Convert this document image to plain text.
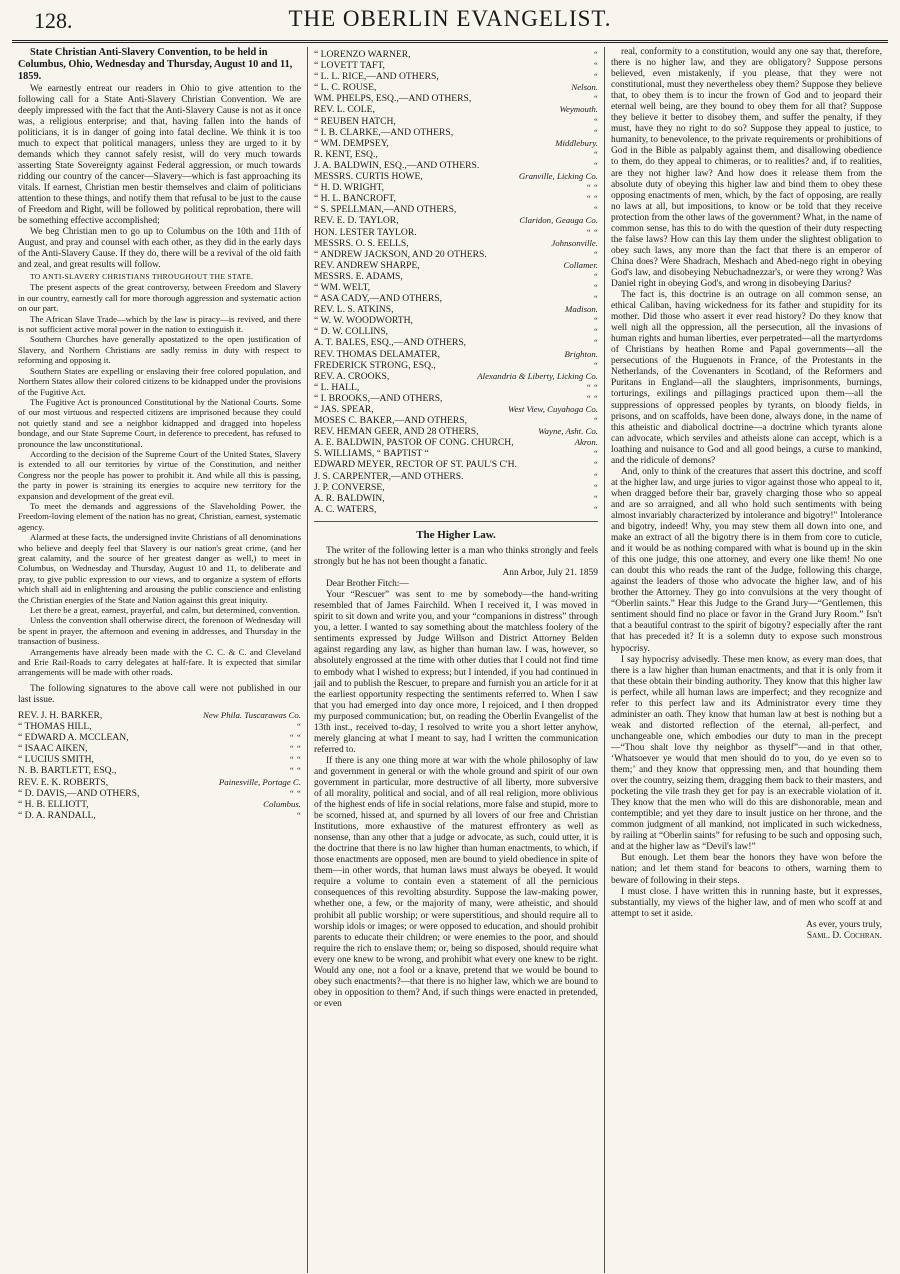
128.	THE OBERLIN EVANGELIST.

State Christian Anti-Slavery Convention, to be held in Columbus, Ohio, Wednesday and Thursday, August 10 and 11, 1859.

We earnestly entreat our readers in Ohio to give attention to the following call for a State Anti-Slavery Christian Convention. We are deeply impressed with the fact that the Anti-Slavery Cause is not as it once was, a religious enterprise; and that, having fallen into the hands of politicians, it is in danger of going into fatal decline. We think it is too much to expect that political managers, unless they are urged to it by demands which they cannot safely resist, will do very much towards asserting State Sovereignty against Federal aggression, or much towards ridding our country of the cancer—Slavery—which is fast approaching its vitals. If earnest, Christian men bestir themselves and claim of politicians attention to these things, and notify them that refusal to be just to the cause of Freedom and Right, will be followed by political reprobation, there will be something effective accomplished;

We beg Christian men to go up to Columbus on the 10th and 11th of August, and pray and counsel with each other, as they did in the early days of the Anti-Slavery Cause. If they do, there will be a revival of the old faith and zeal, and great results will follow.

TO ANTI-SLAVERY CHRISTIANS THROUGHOUT THE STATE.

The present aspects of the great controversy, between Freedom and Slavery in our country, earnestly call for more thorough aggression and systematic action on our part.

The African Slave Trade—which by the law is piracy—is revived, and there is not sufficient active moral power in the nation to extinguish it.

Southern Churches have generally apostatized to the open justification of Slavery, and Northern Christians are sadly remiss in duty with respect to reforming and opposing it.

Southern States are expelling or enslaving their free colored population, and Northern States allow their colored citizens to be kidnapped under the provisions of the Fugitive Act.

The Fugitive Act is pronounced Constitutional by the National Courts. Some of our most virtuous and respected citizens are imprisoned because they could not quietly stand and see a neighbor kidnapped and dragged into hopeless bondage, and our State Supreme Court, in deference to precedent, has refused to pronounce the law unconstitutional.

According to the decision of the Supreme Court of the United States, Slavery is extended to all our territories by virtue of the Constitution, and neither Congress nor the people has power to prohibit it. And while all this is passing, the party in power is straining its energies to acquire new territory for the expansion and development of the great evil.

To meet the demands and aggressions of the Slaveholding Power, the Freedom-loving element of the nation has no great, Christian, earnest, systematic agency.

Alarmed at these facts, the undersigned invite Christians of all denominations who believe and deeply feel that Slavery is our nation's great crime, (and her great calamity, and the source of her greatest danger as well,) to meet in Columbus, on Wednesday and Thursday, August 10 and 11, to deliberate and pray, to give public expression to our views, and to organize a system of efforts which shall aid in enlightening and arousing the public conscience and enlisting the Christian energies of the State and Nation against this great iniquity.

Let there be a great, earnest, prayerful, and calm, but determined, convention.

Unless the convention shall otherwise direct, the forenoon of Wednesday will be spent in prayer, the afternoon and evening in addresses, and Thursday in the transaction of business.

Arrangements have already been made with the C. C. & C. and Cleveland and Erie Rail-Roads to carry delegates at half-fare. It is expected that similar arrangements will be made with other roads.

The following signatures to the above call were not published in our last issue.

REV. J. H. BARKER,	New Phila. Tuscarawas Co.
“ THOMAS HILL,	“
“ EDWARD A. MCCLEAN,	“ “
“ ISAAC AIKEN,	“ “
“ LUCIUS SMITH,	“ “
N. B. BARTLETT, ESQ.,	“ “
REV. E. K. ROBERTS,	Painesville, Portage C.
“ D. DAVIS,—AND OTHERS,	“ “
“ H. B. ELLIOTT,	Columbus.
“ D. A. RANDALL,	“
“ LORENZO WARNER,	“
“ LOVETT TAFT,	“
“ L. L. RICE,—AND OTHERS,	“
“ L. C. ROUSE,	Nelson.
WM. PHELPS, ESQ.,—AND OTHERS,	“
REV. L. COLE,	Weymouth.
“ REUBEN HATCH,	“
“ I. B. CLARKE,—AND OTHERS,	“
“ WM. DEMPSEY,	Middlebury.
R. KENT, ESQ.,	“
J. A. BALDWIN, ESQ.,—AND OTHERS.	“
MESSRS. CURTIS HOWE,	Granville, Licking Co.
“ H. D. WRIGHT,	“ “
“ H. L. BANCROFT,	“ “
“ S. SPELLMAN,—AND OTHERS,	“
REV. E. D. TAYLOR,	Claridon, Geauga Co.
HON. LESTER TAYLOR.	“ “
MESSRS. O. S. EELLS,	Johnsonville.
“ ANDREW JACKSON, AND 20 OTHERS.	“
REV. ANDREW SHARPE,	Collamer.
MESSRS. E. ADAMS,	“
“ WM. WELT,	“
“ ASA CADY,—AND OTHERS,	“
REV. L. S. ATKINS,	Madison.
“ W. W. WOODWORTH,	“
“ D. W. COLLINS,	“
A. T. BALES, ESQ.,—AND OTHERS,	“
REV. THOMAS DELAMATER,	Brighton.
FREDERICK STRONG, ESQ.,	“
REV. A. CROOKS,	Alexandria & Liberty, Licking Co.
“ L. HALL,	“ “
“ I. BROOKS,—AND OTHERS,	“ “
“ JAS. SPEAR,	West View, Cuyahoga Co.
MOSES C. BAKER,—AND OTHERS,	“
REV. HEMAN GEER, AND 28 OTHERS,	Wayne, Asht. Co.
A. E. BALDWIN, PASTOR OF CONG. CHURCH,	Akron.
S. WILLIAMS, “ BAPTIST “	“
EDWARD MEYER, RECTOR OF ST. PAUL'S C'H.	“
J. S. CARPENTER,—AND OTHERS.	“
J. P. CONVERSE,	“
A. R. BALDWIN,	“
A. C. WATERS,	“
The Higher Law.

The writer of the following letter is a man who thinks strongly and feels strongly but he has not been thought a fanatic.

Ann Arbor, July 21. 1859

Dear Brother Fitch:—

Your “Rescuer” was sent to me by somebody—the hand-writing resembled that of James Fairchild. When I received it, I was moved in spirit to sit down and write you, and your “companions in distress” through you, a letter. I wanted to say something about the matchless foolery of the sentiments expressed by Judge Willson and District Attorney Belden against regarding any law, as higher than human law. I was, however, so absolutely engrossed at the time with other duties that I could not find time to embody what I wished to express; but I intended, if you had continued in jail and to publish the Rescuer, to prepare and furnish you an article for it at the earliest opportunity respecting the sentiments referred to. When I saw that you had emerged into day once more, I rejoiced, and I then dropped my purposed communication; but, on reading the Oberlin Evangelist of the 13th inst., received to-day, I resolved to write you a short letter anyhow, merely glancing at what I meant to say, had I written the communication referred to.

If there is any one thing more at war with the whole philosophy of law and government in general or with the whole ground and spirit of our own government in particular, more destructive of all liberty, more subversive of all morality, political and social, and of all real religion, more oblivious of the highest ends of life in social relations, more false and stupid, more to be scorned, hissed at, and spurned by all lovers of our free and Christian Institutions, more exhaustive of the maturest effrontery as well as nonsense, than any other that a judge or advocate, as such, could utter, it is the doctrine that there is no law higher than human enactments, to which, if those enactments are opposed, men are bound to yield obedience in spite of them—in other words, that human laws must always be obeyed. It would require a volume to contain even a statement of all the pernicious consequences of this revolting absurdity. Suppose the law-making power, whether one, a few, or the majority of many, were atheistic, and should prohibit all public worship; or were superstitious, and should require all to worship idols or images; or were opposed to education, and should prohibit parents to educate their children; or were enemies to the poor, and should require the rich to enslave them; or, being so disposed, should require what every one knew to be wrong, and prohibit what every one knew to be right. Would any one, not a fool or a knave, pretend that we would be bound to obey such enactments?—that there is no higher law, which we are bound to obey in opposition to them? And, if such things were enacted in pretended, or even

real, conformity to a constitution, would any one say that, therefore, there is no higher law, and they are obligatory? Suppose persons believed, even mistakenly, if you please, that they were not constitutional, must they nevertheless obey them? Suppose they believe that, to obey them is to incur the frown of God and to jeopard their eternal well being, are they bound to obey them for all that? Suppose they believe it better to disobey them, and suffer the penalty, if they must, have they no right to do so? Suppose they appeal to justice, to humanity, to benevolence, to the private requirements or prohibitions of God in the Bible as palpably against them, and disallowing obedience to them, do they appeal to chimeras, or to realities? and, if to realities, are they not higher law? And how does it release them from the absolute duty of obeying this higher law and bind them to obey these opposing enactments of men, which, by the fact of opposing, are really no laws at all, but impositions, to know or be told that they receive protection from the other laws of the government? What, in the name of common sense, has this to do with the question of their duty respecting the false laws? How can this lay them under the slightest obligation to obey such laws, any more than the fact that there is an emperor of China does? Were Shadrach, Meshach and Abed-nego right in obeying God's law, and disobeying Nebuchadnezzar's, or were they wrong? Was Daniel right in obeying God's, and wrong in disobeying Darius?

The fact is, this doctrine is an outrage on all common sense, an ethical Caliban, having wickedness for its father and stupidity for its mother. Did those who assert it ever read history? Do they know that well nigh all the oppression, all the persecution, all the invasions of human rights and human liberties, ever perpetrated—all the martyrdoms of Christians by heathen Rome and Papal governments—all the persecutions of the Huguenots in France, of the Protestants in the Netherlands, of the Covenanters in Scotland, of the Reformers and Puritans in England—all the slaughters, imprisonments, burnings, torturings, exilings and pillagings practiced upon them—all the suppressions of oppressed peoples by tyrants, on bloody fields, in prisons, and on scaffolds, have been done, always done, in the name of this atheistic and diabolical doctrine—a doctrine which tyrants alone can advocate, which serviles and atheists alone can accept, which is a loathing and nuisance to God and all good beings, a curse to mankind, and the ridicule of demons?

And, only to think of the creatures that assert this doctrine, and scoff at the higher law, and urge juries to vigor against those who appeal to it, when dragged before their bar, gravely charging those who so appeal and are so arraigned, and all who hold such sentiments with being almost invariably characterized by intolerance and bigotry!" Intolerance and bigotry, indeed! Why, you may stew them all down into one, and make an extract of all the bigotry there is in them from core to cuticle, and it would be as nothing compared with what is bound up in the skin of this one judge, this one attorney, and every one like them! No one can doubt this who reads the rant of the Judge, following this charge, against the leaders of those who advocate the higher law, and of his brother the Attorney. They go into convulsions at the very thought of “Oberlin saints.” Hear this Judge to the Grand Jury—“Gentlemen, this sentiment should find no place or favor in the Grand Jury Room.” Isn't that a beautiful contrast to the spirit of bigotry? especially after the rant that has preceded it? It is a solemn duty to expose such monstrous hypocrisy.

I say hypocrisy advisedly. These men know, as every man does, that there is a law higher than human enactments, and that it is only from it that these obtain their binding authority. They know that this higher law is perfect, while all human laws are imperfect; and they recognize and refer to this perfect law and its Administrator every time they administer an oath. They know that human law at best is nothing but a weak and distorted reflection of the eternal, all-perfect, and unchangeable one, which embodies our duty to man in the precept—“Thou shalt love thy neighbor as thyself”—and in that other, ‘Whatsoever ye would that men should do to you, do ye even so to them;’ and they know that oppressing men, and that hounding them over the country, seizing them, dragging them back to their masters, and pocketing the vile trash they get for pay is an execrable violation of it. They know that the men who will do this are dishonorable, mean and contemptible; and yet they dare to insult justice on her throne, and the common judgment of all mankind, not implicated in such wickedness, by railing at “Oberlin saints” for refusing to be such and opposing such, and at the higher law as “Devil's law!”

But enough. Let them bear the honors they have won before the nation; and let them stand for beacons to others, warning them to beware of following in their steps.

I must close. I have written this in running haste, but it expresses, substantially, my views of the higher law, and of men who scoff at and attempt to set it aside.

As ever, yours truly,

Saml. D. Cochran.
